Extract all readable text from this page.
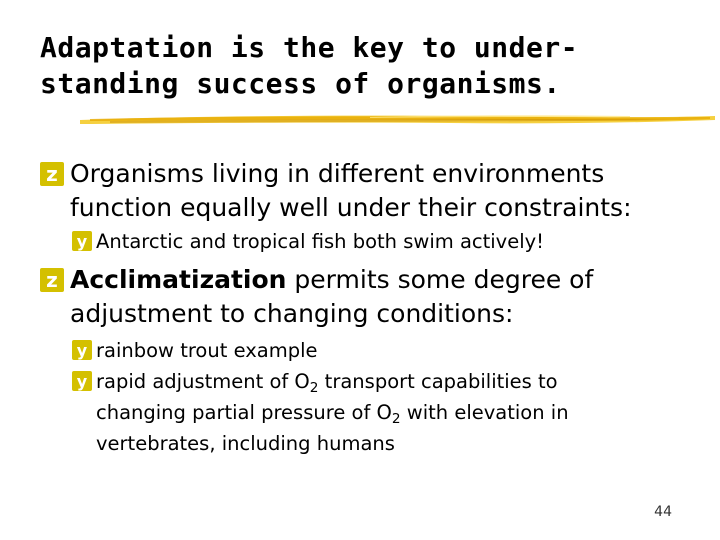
Adaptation is the key to under-
standing success of organisms.
z Organisms living in different environments
function equally well under their constraints:
y Antarctic and tropical fish both swim actively!
z Acclimatization permits some degree of
adjustment to changing conditions:
y rainbow trout example
y rapid adjustment of $O_2$ transport capabilities to
changing partial pressure of $O_2$ with elevation in
vertebrates, including humans
44
